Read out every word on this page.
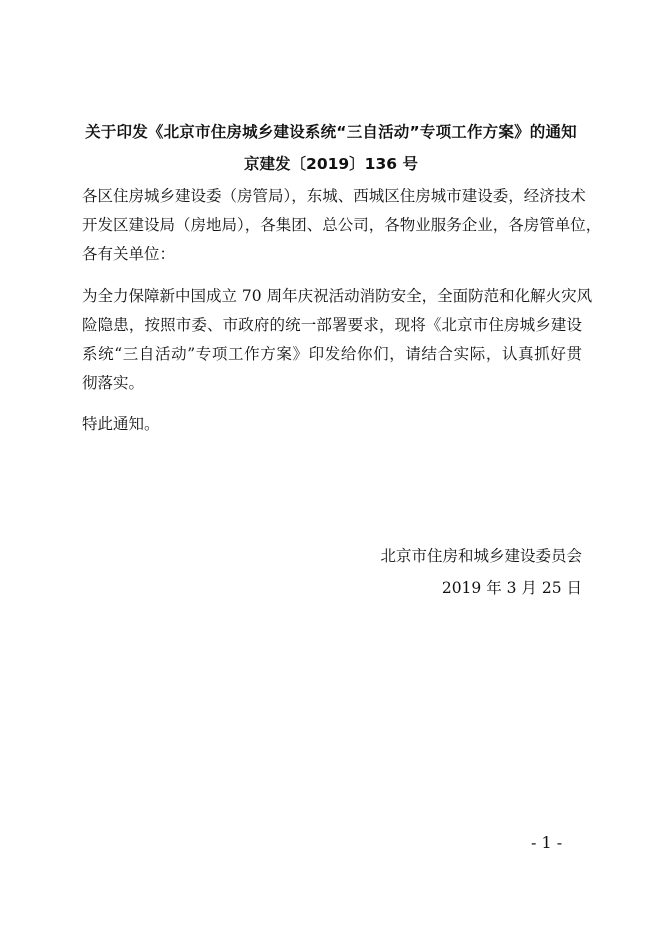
关于印发《北京市住房城乡建设系统“三自活动”专项工作方案》的通知
京建发〔2019〕136 号
各区住房城乡建设委（房管局），东城、西城区住房城市建设委，经济技术
开发区建设局（房地局），各集团、总公司，各物业服务企业，各房管单位，
各有关单位：
为全力保障新中国成立 70 周年庆祝活动消防安全，全面防范和化解火灾风
险隐患，按照市委、市政府的统一部署要求，现将《北京市住房城乡建设
系统“三自活动”专项工作方案》印发给你们，请结合实际，认真抓好贯
彻落实。
特此通知。
北京市住房和城乡建设委员会
2019 年 3 月 25 日
- 1 -
